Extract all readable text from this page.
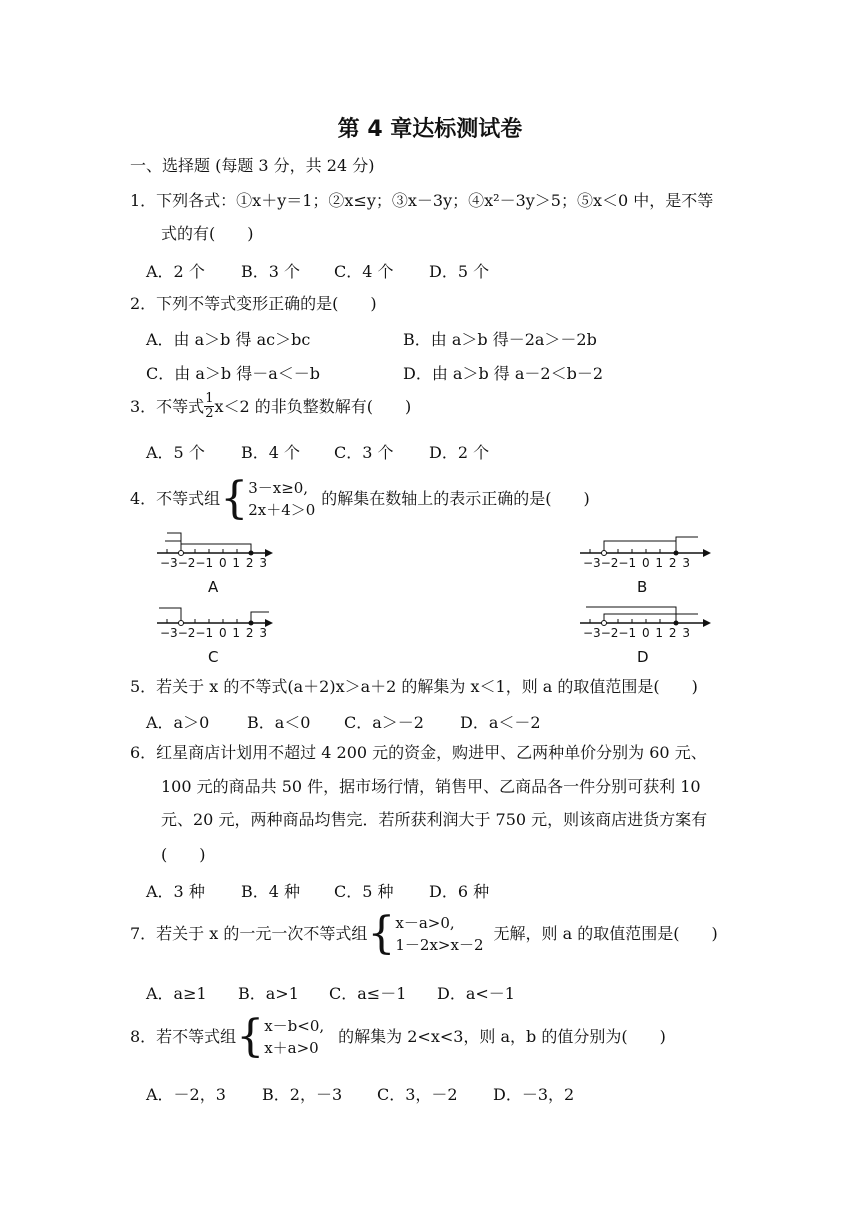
第 4 章达标测试卷
一、选择题 (每题 3 分，共 24 分)
1．下列各式：①x＋y＝1；②x≤y；③x－3y；④x²－3y＞5；⑤x＜0 中，是不等
式的有(　　)
A．2 个 B．3 个 C．4 个 D．5 个
2．下列不等式变形正确的是(　　)
A．由 a＞b 得 ac＞bc	B．由 a＞b 得－2a＞－2b
C．由 a＞b 得－a＜－b	D．由 a＞b 得 a－2＜b－2
3．不等式 $\frac{1}{2} x<2$ 的非负整数解有(　　)
A．5 个 B．4 个 C．3 个 D．2 个
4．不等式组 { 3－x≥0,
2x＋4＞0
的解集在数轴上的表示正确的是(　　)
−3−2−1 0 1 2 3	−3−2−1 0 1 2 3
−3−2−1 0 1 2 3	−3−2−1 0 1 2 3
A	B
C	D
5．若关于 x 的不等式(a＋2)x＞a＋2 的解集为 x＜1，则 a 的取值范围是(　　)
A．a＞0 B．a＜0 C．a＞－2 D．a＜－2
6．红星商店计划用不超过 4 200 元的资金，购进甲、乙两种单价分别为 60 元、
100 元的商品共 50 件，据市场行情，销售甲、乙商品各一件分别可获利 10
元、20 元，两种商品均售完．若所获利润大于 750 元，则该商店进货方案有
(　　)
A．3 种 B．4 种 C．5 种 D．6 种
7．若关于 x 的一元一次不等式组 { x－a>0,
1－2x>x－2
无解，则 a 的取值范围是(　　)
A．a≥1 B．a>1 C．a≤－1 D．a<－1
8．若不等式组 { x－b<0,
x＋a>0
的解集为 2<x<3，则 a，b 的值分别为(　　)
A．－2，3 B．2，－3 C．3，－2 D．－3，2
